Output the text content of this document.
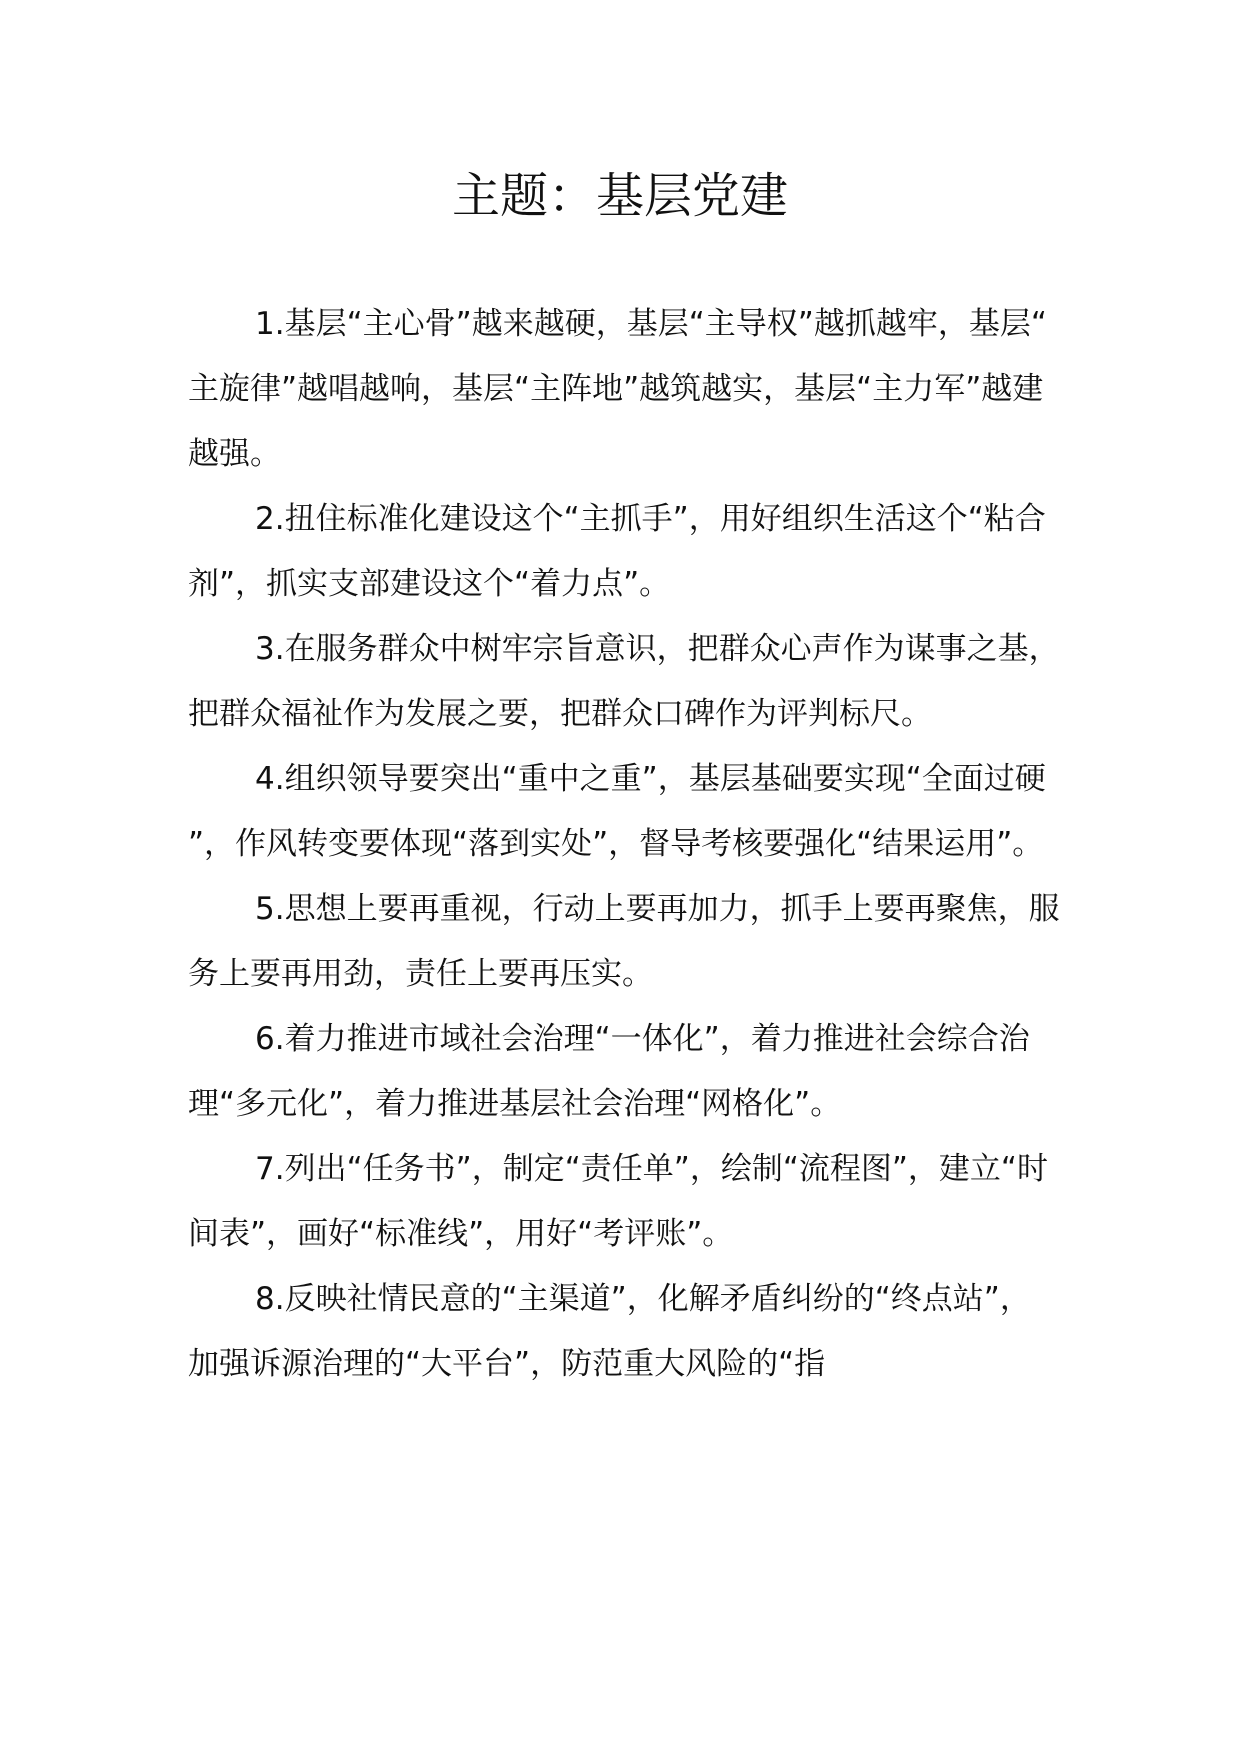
主题：基层党建

1.基层“主心骨”越来越硬，基层“主导权”越抓越牢，基层“主旋律”越唱越响，基层“主阵地”越筑越实，基层“主力军”越建越强。

2.扭住标准化建设这个“主抓手”，用好组织生活这个“粘合剂”，抓实支部建设这个“着力点”。

3.在服务群众中树牢宗旨意识，把群众心声作为谋事之基，把群众福祉作为发展之要，把群众口碑作为评判标尺。

4.组织领导要突出“重中之重”，基层基础要实现“全面过硬”，作风转变要体现“落到实处”，督导考核要强化“结果运用”。

5.思想上要再重视，行动上要再加力，抓手上要再聚焦，服务上要再用劲，责任上要再压实。

6.着力推进市域社会治理“一体化”，着力推进社会综合治理“多元化”，着力推进基层社会治理“网格化”。

7.列出“任务书”，制定“责任单”，绘制“流程图”，建立“时间表”，画好“标准线”，用好“考评账”。

8.反映社情民意的“主渠道”，化解矛盾纠纷的“终点站”，加强诉源治理的“大平台”，防范重大风险的“指
